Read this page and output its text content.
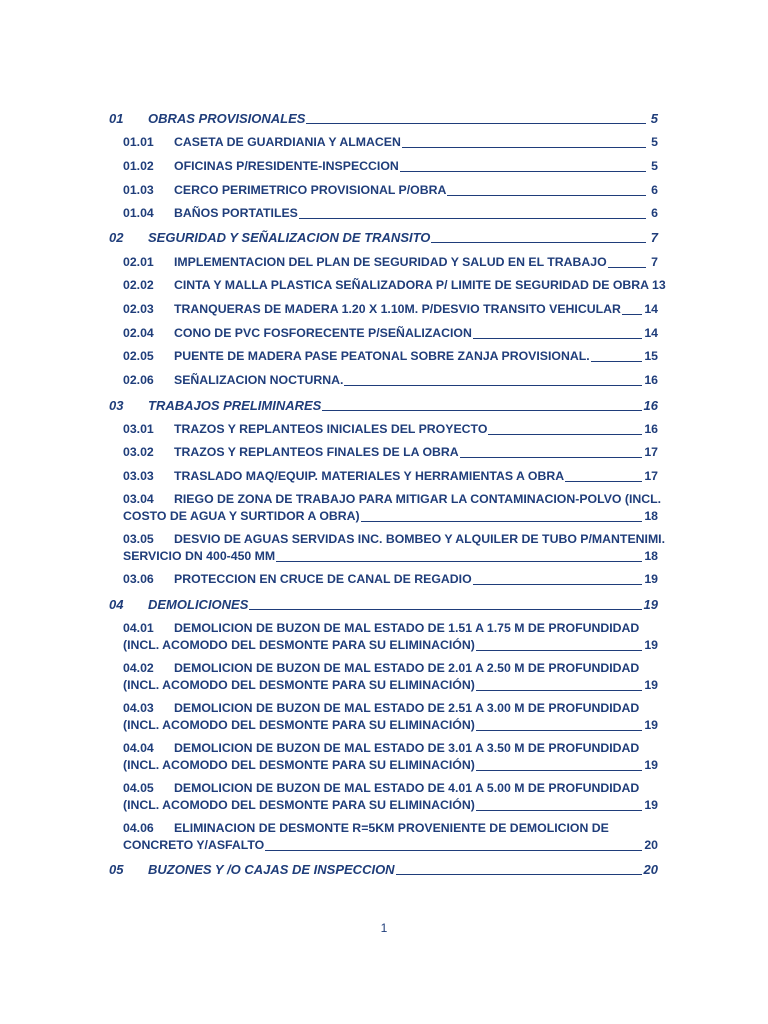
01	OBRAS PROVISIONALES	5
01.01	CASETA DE GUARDIANIA Y ALMACEN	5
01.02	OFICINAS P/RESIDENTE-INSPECCION	5
01.03	CERCO PERIMETRICO PROVISIONAL P/OBRA	6
01.04	BAÑOS PORTATILES	6
02	SEGURIDAD Y SEÑALIZACION DE TRANSITO	7
02.01	IMPLEMENTACION DEL PLAN DE SEGURIDAD Y SALUD EN EL TRABAJO	7
02.02	CINTA Y MALLA PLASTICA SEÑALIZADORA P/ LIMITE DE SEGURIDAD DE OBRA 13
02.03	TRANQUERAS DE MADERA 1.20 X 1.10M. P/DESVIO TRANSITO VEHICULAR 14
02.04	CONO DE PVC FOSFORECENTE P/SEÑALIZACION	14
02.05	PUENTE DE MADERA PASE PEATONAL SOBRE ZANJA PROVISIONAL.	15
02.06	SEÑALIZACION NOCTURNA.	16
03	TRABAJOS PRELIMINARES	16
03.01	TRAZOS Y REPLANTEOS INICIALES DEL PROYECTO	16
03.02	TRAZOS Y REPLANTEOS FINALES DE LA OBRA	17
03.03	TRASLADO MAQ/EQUIP. MATERIALES Y HERRAMIENTAS A OBRA	17
03.04	RIEGO DE ZONA DE TRABAJO PARA MITIGAR LA CONTAMINACION-POLVO (INCL.
COSTO DE AGUA Y SURTIDOR A OBRA)	18
03.05	DESVIO DE AGUAS SERVIDAS INC. BOMBEO Y ALQUILER DE TUBO P/MANTENIMI.
SERVICIO DN 400-450 MM	18
03.06	PROTECCION EN CRUCE DE CANAL DE REGADIO	19
04	DEMOLICIONES	19
04.01	DEMOLICION DE BUZON DE MAL ESTADO DE 1.51 A 1.75 M DE PROFUNDIDAD
(INCL. ACOMODO DEL DESMONTE PARA SU ELIMINACIÓN)	19
04.02	DEMOLICION DE BUZON DE MAL ESTADO DE 2.01 A 2.50 M DE PROFUNDIDAD
(INCL. ACOMODO DEL DESMONTE PARA SU ELIMINACIÓN)	19
04.03	DEMOLICION DE BUZON DE MAL ESTADO DE 2.51 A 3.00 M DE PROFUNDIDAD
(INCL. ACOMODO DEL DESMONTE PARA SU ELIMINACIÓN)	19
04.04	DEMOLICION DE BUZON DE MAL ESTADO DE 3.01 A 3.50 M DE PROFUNDIDAD
(INCL. ACOMODO DEL DESMONTE PARA SU ELIMINACIÓN)	19
04.05	DEMOLICION DE BUZON DE MAL ESTADO DE 4.01 A 5.00 M DE PROFUNDIDAD
(INCL. ACOMODO DEL DESMONTE PARA SU ELIMINACIÓN)	19
04.06	ELIMINACION DE DESMONTE R=5KM PROVENIENTE DE DEMOLICION DE
CONCRETO Y/ASFALTO	20
05	BUZONES Y /O CAJAS DE INSPECCION	20
1
